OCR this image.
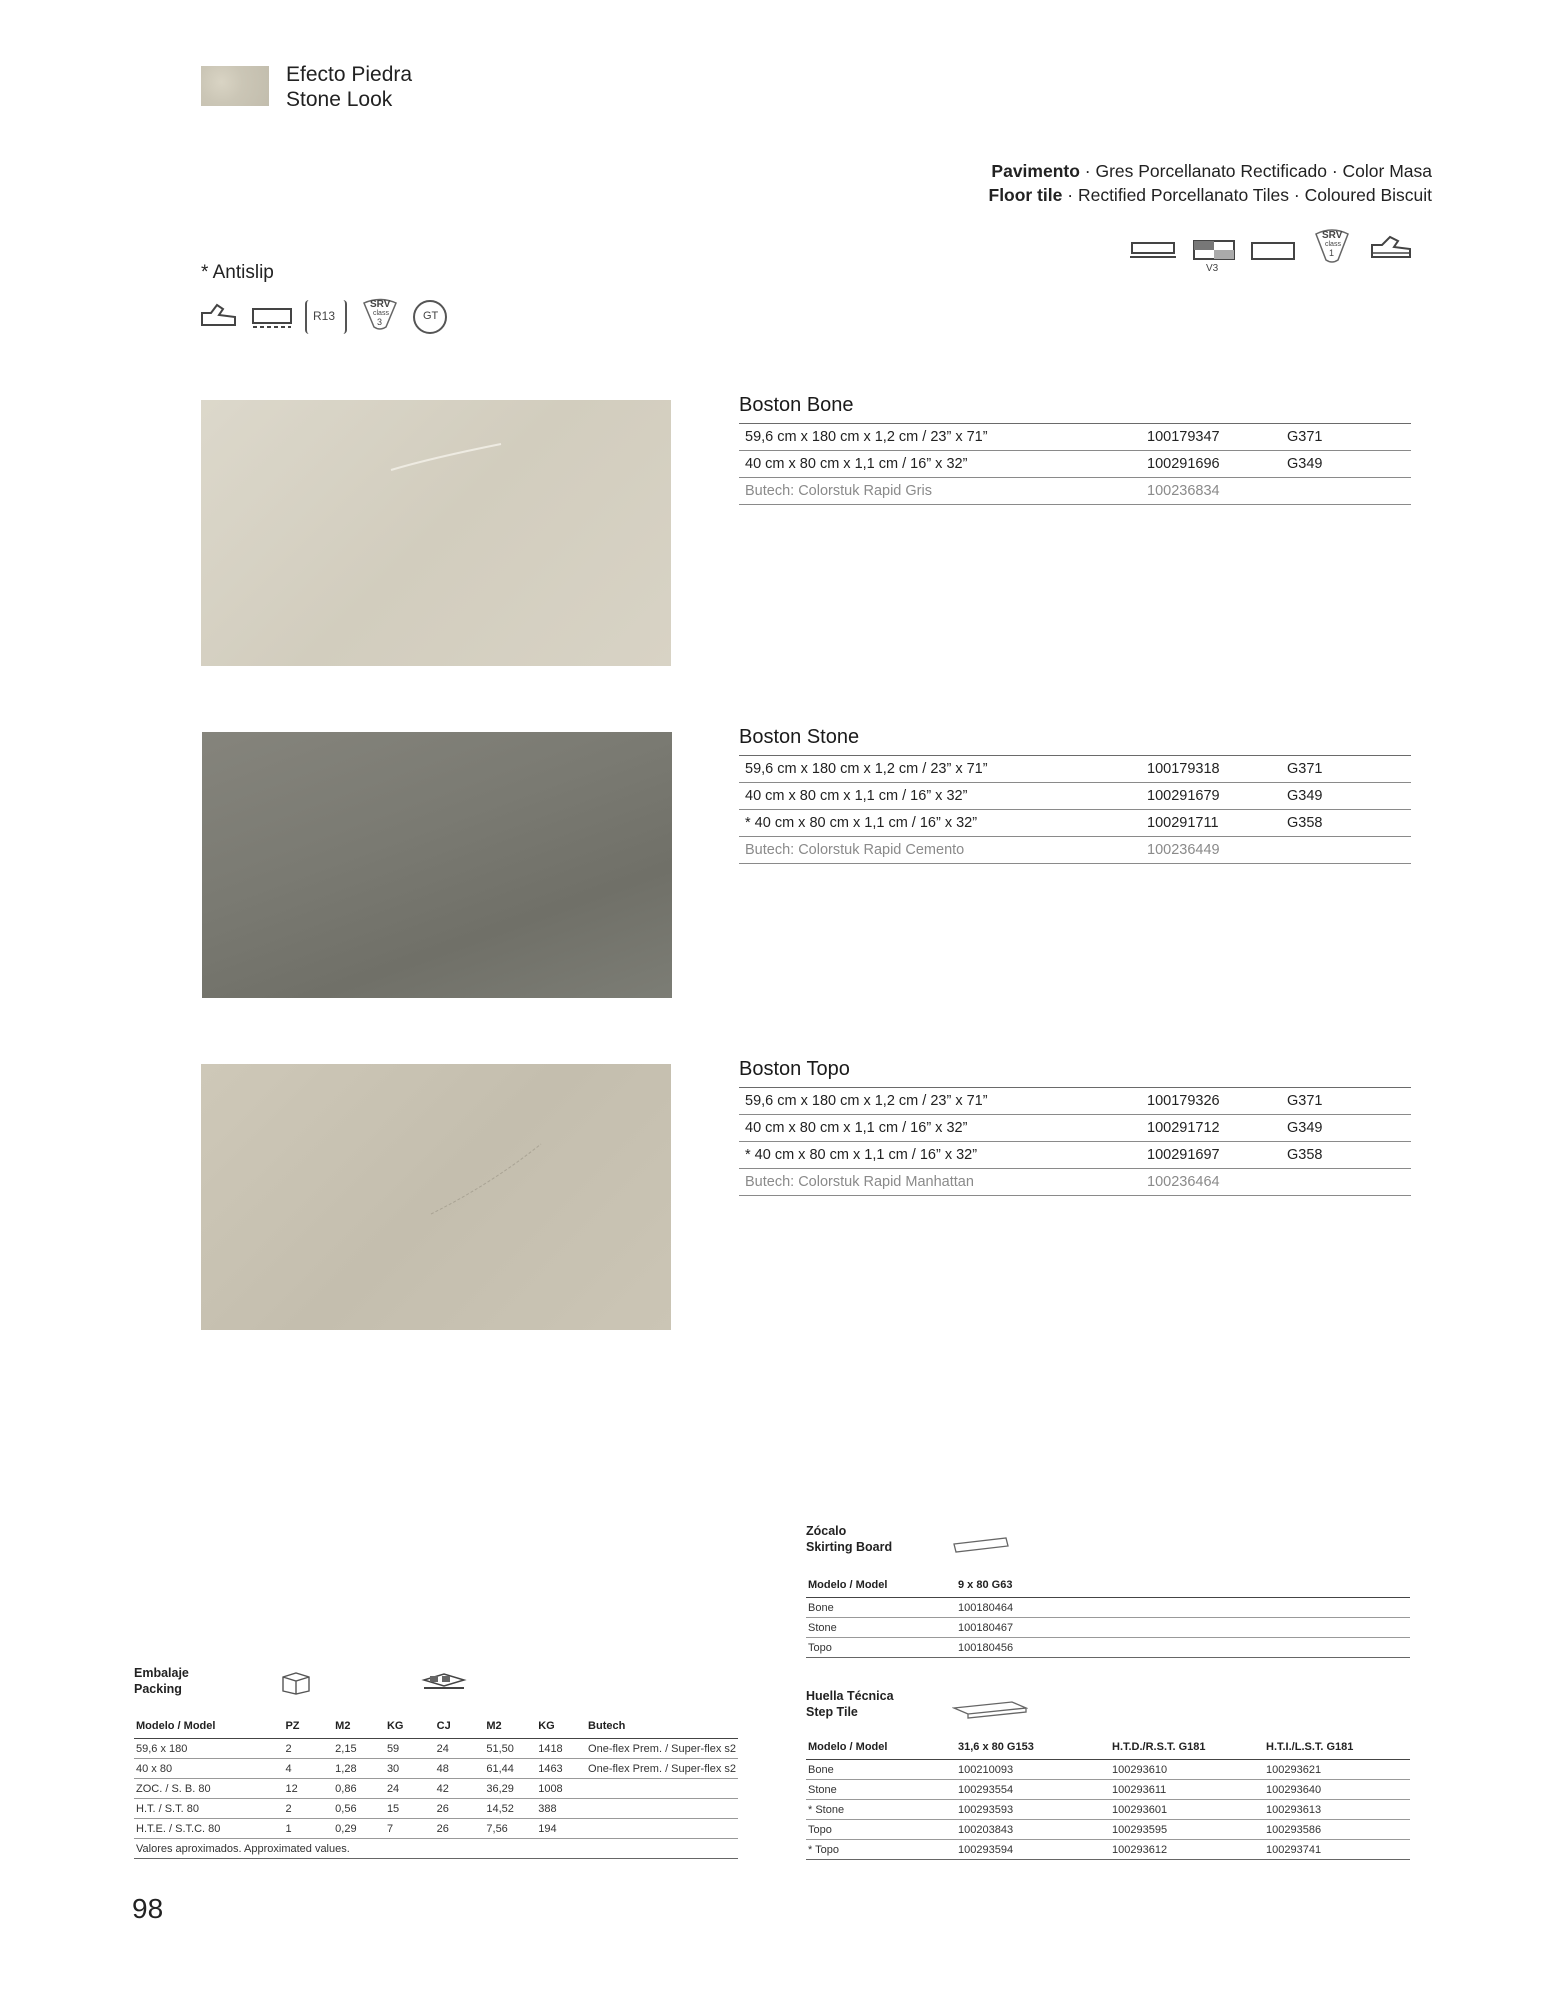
Efecto Piedra
Stone Look
Pavimento · Gres Porcellanato Rectificado · Color Masa
Floor tile · Rectified Porcellanato Tiles · Coloured Biscuit
V3
SRV
class
1
* Antislip
R13
SRV
class
3	GT
Boston Bone
59,6 cm x 180 cm x 1,2 cm / 23” x 71”	100179347	G371
40 cm x 80 cm x 1,1 cm / 16” x 32”	100291696	G349
Butech: Colorstuk Rapid Gris	100236834	
Boston Stone
59,6 cm x 180 cm x 1,2 cm / 23” x 71”	100179318	G371
40 cm x 80 cm x 1,1 cm / 16” x 32”	100291679	G349
* 40 cm x 80 cm x 1,1 cm / 16” x 32”	100291711	G358
Butech: Colorstuk Rapid Cemento	100236449	
Boston Topo
59,6 cm x 180 cm x 1,2 cm / 23” x 71”	100179326	G371
40 cm x 80 cm x 1,1 cm / 16” x 32”	100291712	G349
* 40 cm x 80 cm x 1,1 cm / 16” x 32”	100291697	G358
Butech: Colorstuk Rapid Manhattan	100236464	
Embalaje
Packing
Modelo / Model	PZ	M2	KG	CJ	M2	KG	Butech
59,6 x 180	2	2,15	59	24	51,50	1418	One-flex Prem. / Super-flex s2
40 x 80	4	1,28	30	48	61,44	1463	One-flex Prem. / Super-flex s2
ZOC. / S. B. 80	12	0,86	24	42	36,29	1008	
H.T. / S.T. 80	2	0,56	15	26	14,52	388	
H.T.E. / S.T.C. 80	1	0,29	7	26	7,56	194	
Valores aproximados. Approximated values.							
Zócalo
Skirting Board
Modelo / Model	9 x 80 G63
Bone	100180464
Stone	100180467
Topo	100180456
Huella Técnica
Step Tile
Modelo / Model	31,6 x 80 G153	H.T.D./R.S.T. G181	H.T.I./L.S.T. G181
Bone	100210093	100293610	100293621
Stone	100293554	100293611	100293640
* Stone	100293593	100293601	100293613
Topo	100203843	100293595	100293586
* Topo	100293594	100293612	100293741
98
